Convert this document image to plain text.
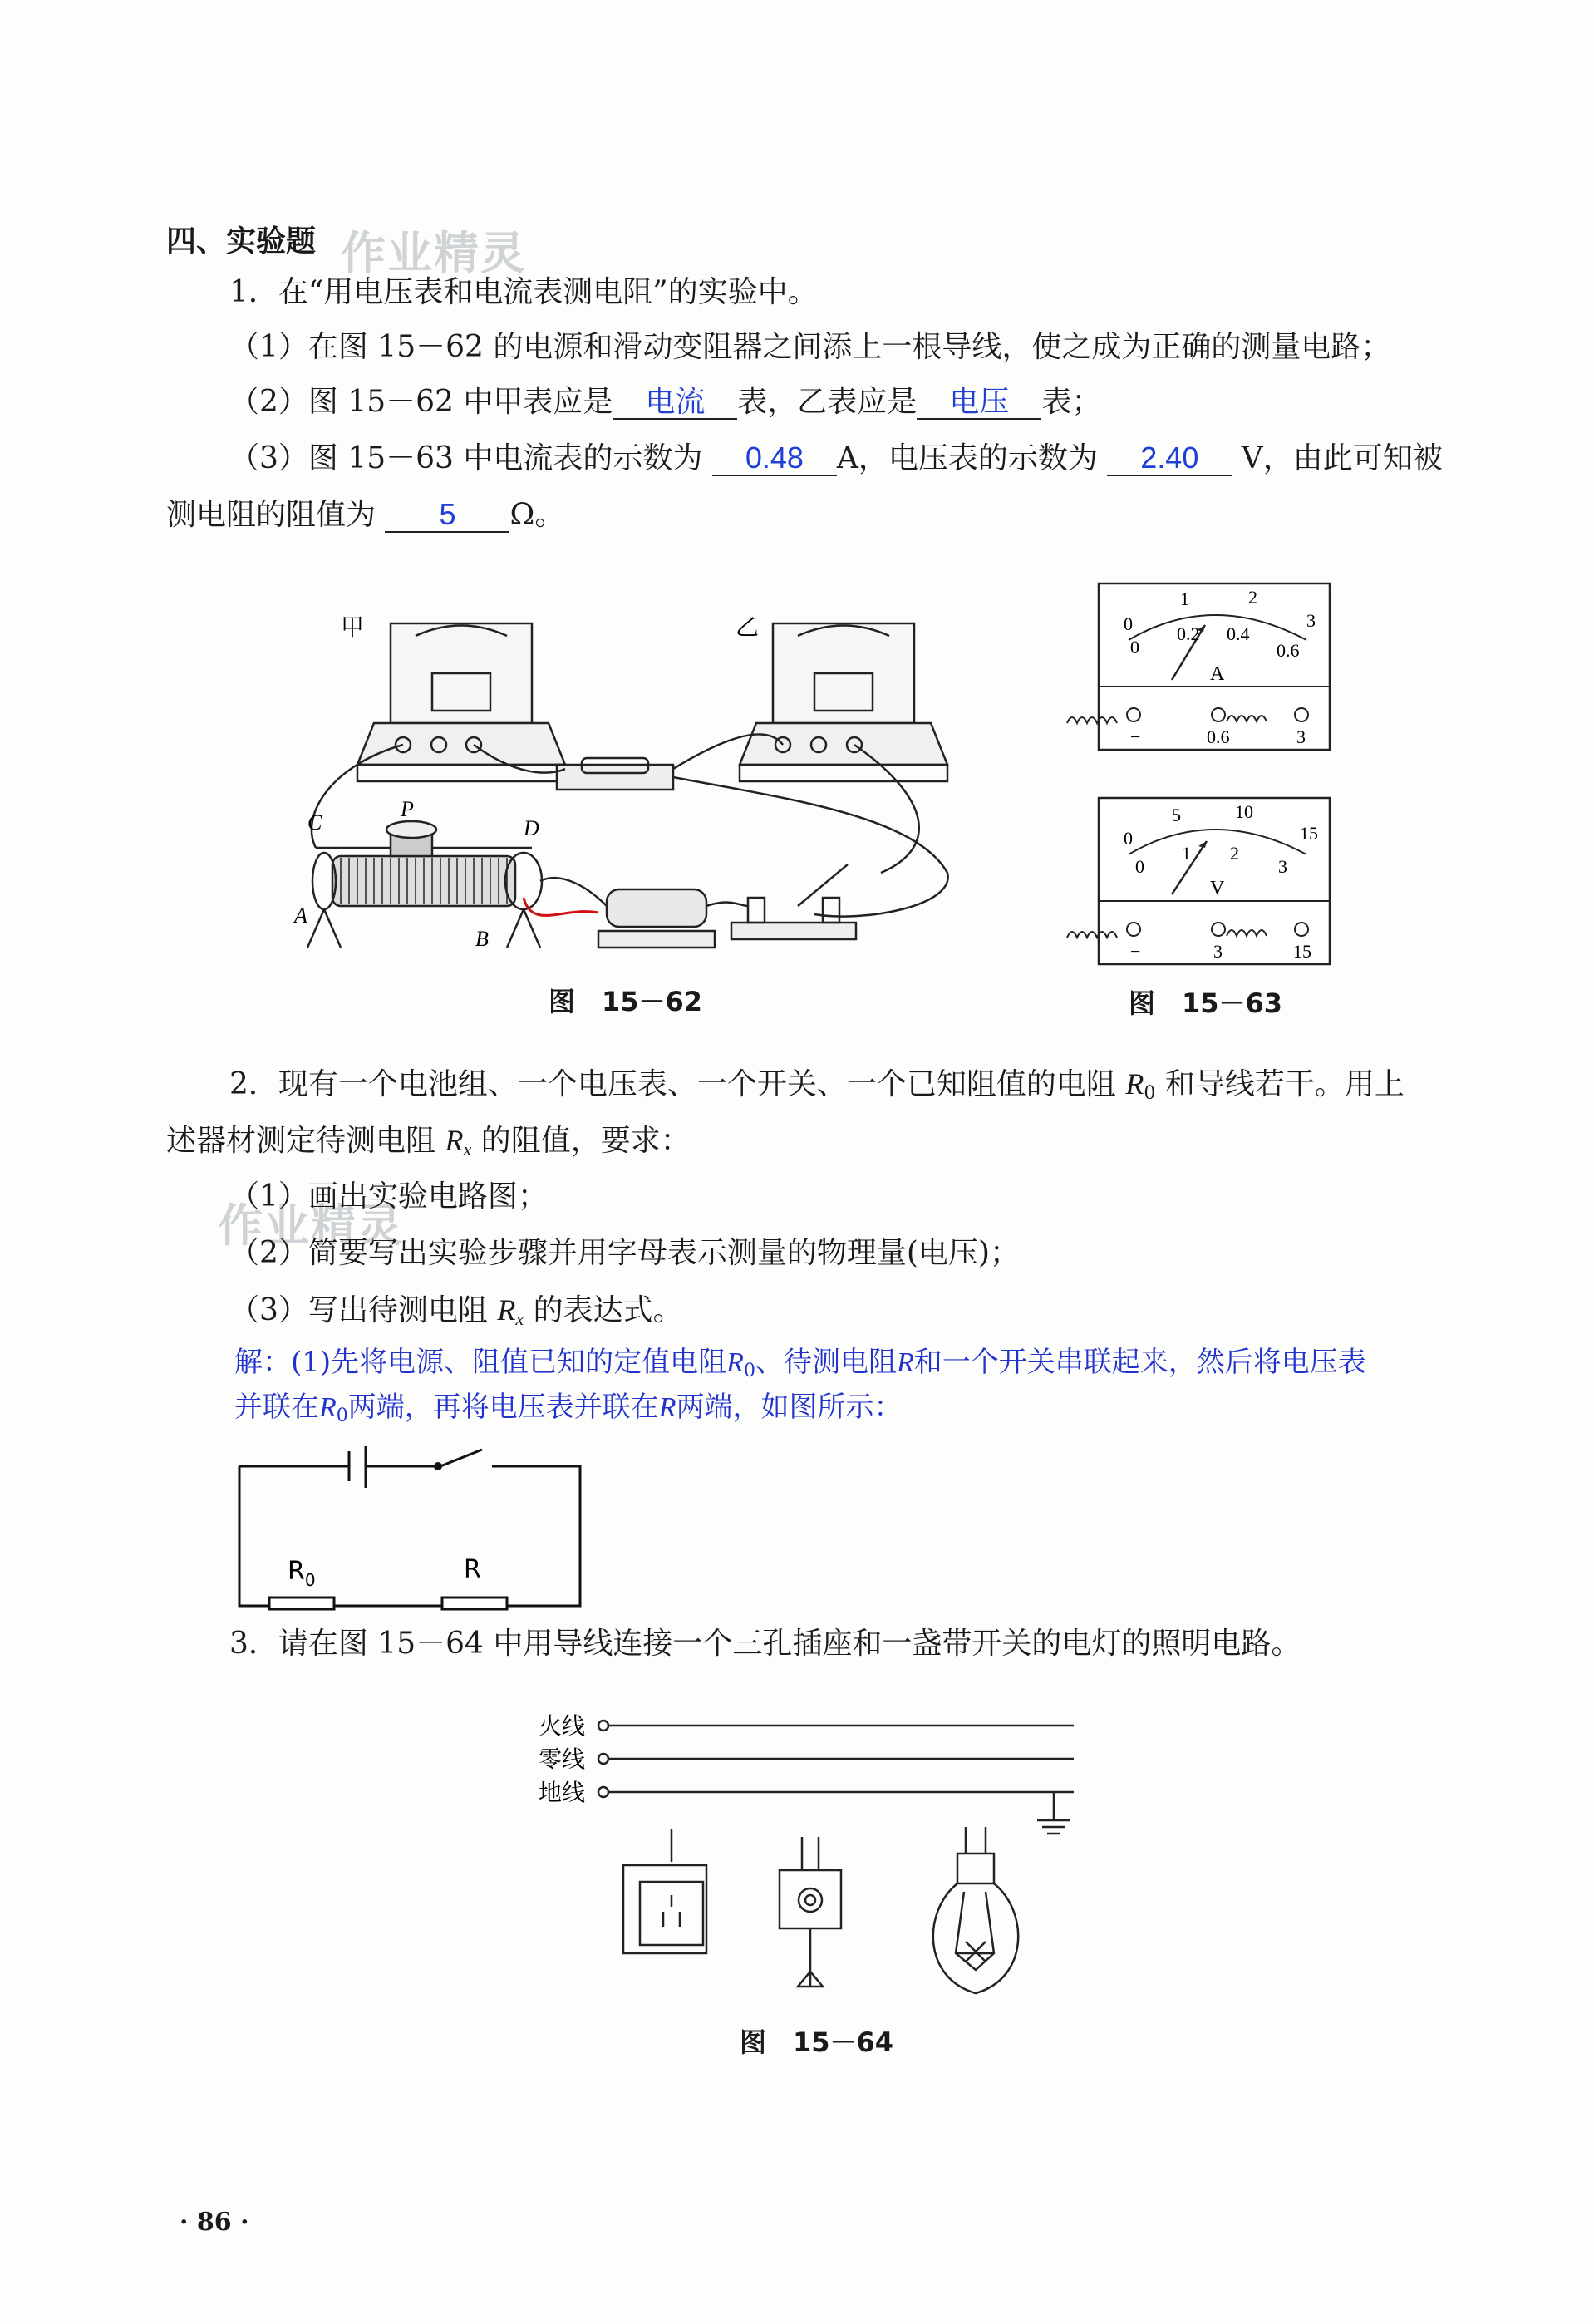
作业精灵
作业精灵
四、实验题
1．在“用电压表和电流表测电阻”的实验中。
（1）在图 15－62 的电源和滑动变阻器之间添上一根导线，使之成为正确的测量电路；
（2）图 15－62 中甲表应是 电流 表，乙表应是 电压 表；
（3）图 15－63 中电流表的示数为 0.48 A，电压表的示数为 2.40 V，由此可知被
测电阻的阻值为 5 Ω。
甲	乙
C
P
D
A
B
图　15－62
0
1	2
3
0
0.2 0.4
0.6
A
−	0.6	3
0
5	10
15
0
1 2
3
V
−	3	15
图　15－63
2．现有一个电池组、一个电压表、一个开关、一个已知阻值的电阻 $R_0$ 和导线若干。用上
述器材测定待测电阻 $R_x$ 的阻值，要求：
（1）画出实验电路图；
（2）简要写出实验步骤并用字母表示测量的物理量(电压)；
（3）写出待测电阻 $R_x$ 的表达式。
解：(1)先将电源、阻值已知的定值电阻$R_0$、待测电阻R和一个开关串联起来，然后将电压表
并联在$R_0$两端，再将电压表并联在R两端，如图所示：
$R_0$	R
3．请在图 15－64 中用导线连接一个三孔插座和一盏带开关的电灯的照明电路。
火线
零线
地线
图　15－64
· 86 ·
